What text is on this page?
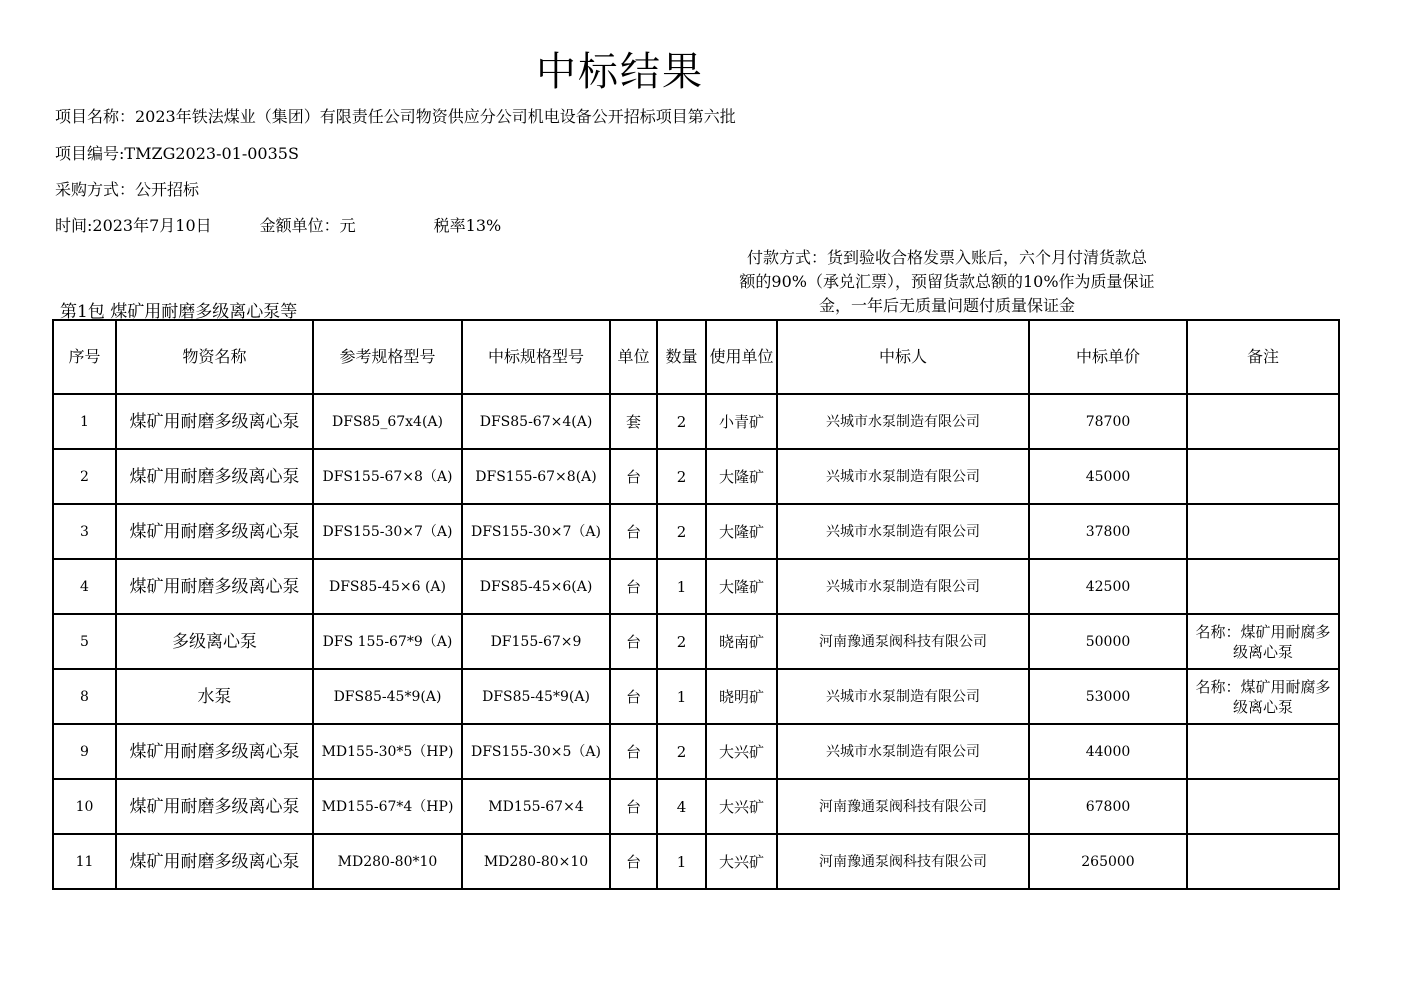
中标结果
项目名称：2023年铁法煤业（集团）有限责任公司物资供应分公司机电设备公开招标项目第六批
项目编号:TMZG2023-01-0035S
采购方式：公开招标
时间:2023年7月10日	金额单位：元	税率13%
付款方式：货到验收合格发票入账后，六个月付清货款总
额的90%（承兑汇票），预留货款总额的10%作为质量保证
金，一年后无质量问题付质量保证金
第1包 煤矿用耐磨多级离心泵等
序号	物资名称	参考规格型号	中标规格型号	单位	数量	使用单位	中标人	中标单价	备注
1	煤矿用耐磨多级离心泵	DFS85_67x4(A)	DFS85-67×4(A)	套	2	小青矿	兴城市水泵制造有限公司	78700	
2	煤矿用耐磨多级离心泵	DFS155-67×8（A)	DFS155-67×8(A)	台	2	大隆矿	兴城市水泵制造有限公司	45000	
3	煤矿用耐磨多级离心泵	DFS155-30×7（A)	DFS155-30×7（A)	台	2	大隆矿	兴城市水泵制造有限公司	37800	
4	煤矿用耐磨多级离心泵	DFS85-45×6 (A)	DFS85-45×6(A)	台	1	大隆矿	兴城市水泵制造有限公司	42500	
5	多级离心泵	DFS 155-67*9（A)	DF155-67×9	台	2	晓南矿	河南豫通泵阀科技有限公司	50000	名称：煤矿用耐腐多级离心泵
8	水泵	DFS85-45*9(A)	DFS85-45*9(A)	台	1	晓明矿	兴城市水泵制造有限公司	53000	名称：煤矿用耐腐多级离心泵
9	煤矿用耐磨多级离心泵	MD155-30*5（HP)	DFS155-30×5（A)	台	2	大兴矿	兴城市水泵制造有限公司	44000	
10	煤矿用耐磨多级离心泵	MD155-67*4（HP)	MD155-67×4	台	4	大兴矿	河南豫通泵阀科技有限公司	67800	
11	煤矿用耐磨多级离心泵	MD280-80*10	MD280-80×10	台	1	大兴矿	河南豫通泵阀科技有限公司	265000	
